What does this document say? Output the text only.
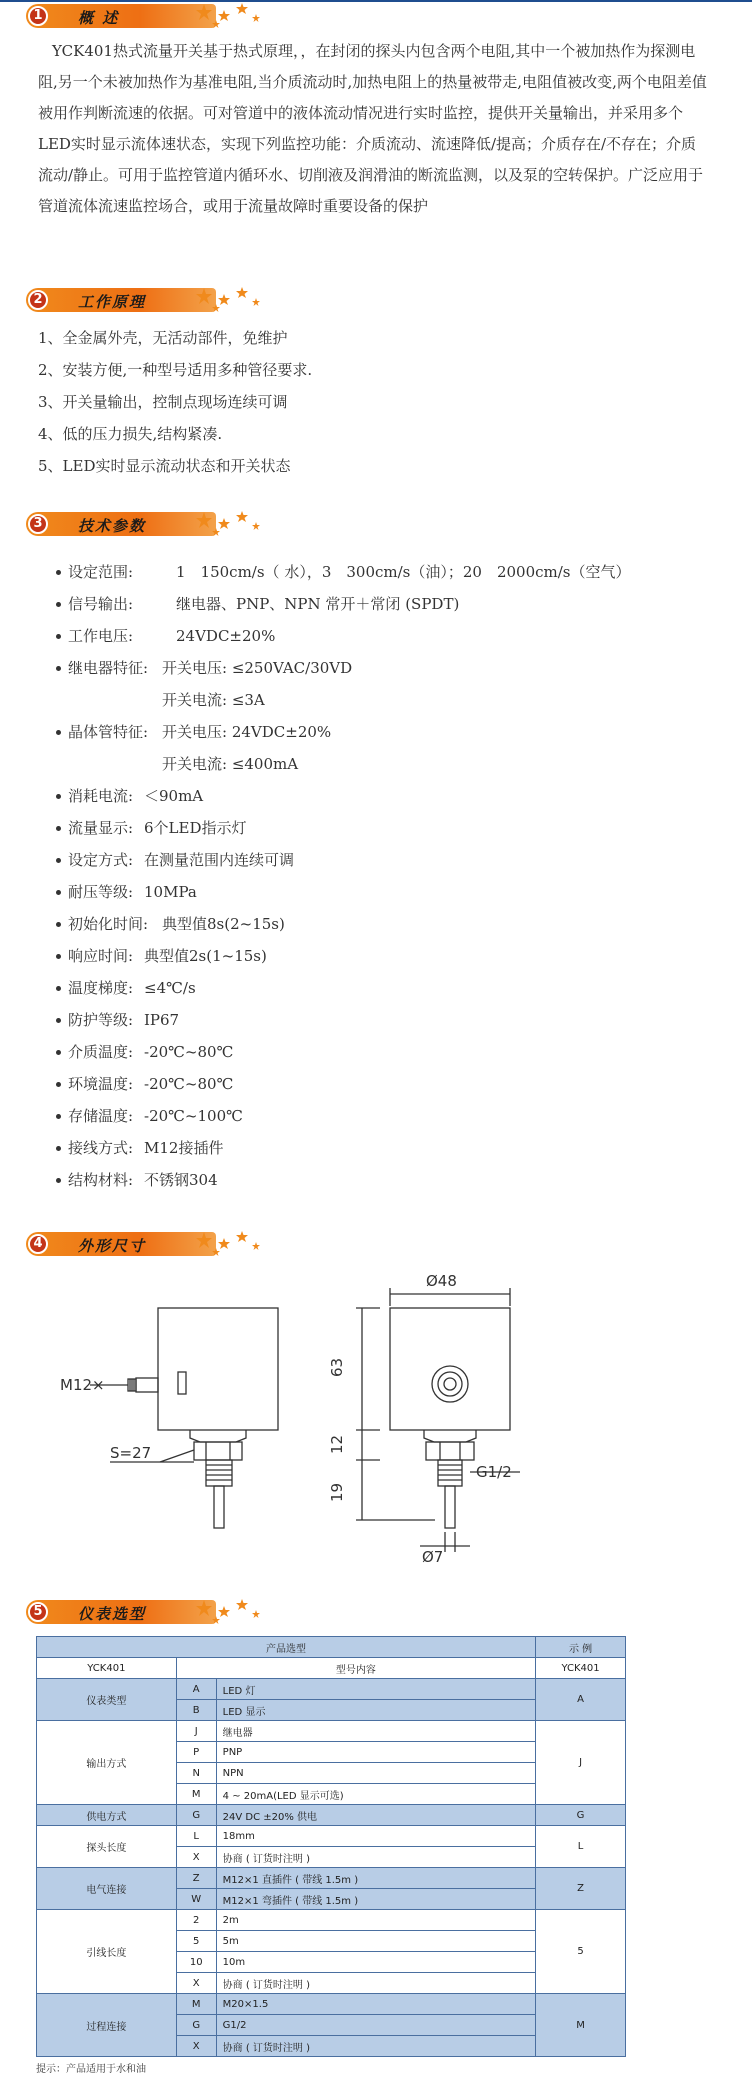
1	概 述
YCK401热式流量开关基于热式原理，，在封闭的探头内包含两个电阻,其中一个被加热作为探测电阻,另一个未被加热作为基准电阻,当介质流动时,加热电阻上的热量被带走,电阻值被改变,两个电阻差值被用作判断流速的依据。可对管道中的液体流动情况进行实时监控，提供开关量输出，并采用多个LED实时显示流体速状态，实现下列监控功能：介质流动、流速降低/提高；介质存在/不存在；介质流动/静止。可用于监控管道内循环水、切削液及润滑油的断流监测，以及泵的空转保护。广泛应用于管道流体流速监控场合，或用于流量故障时重要设备的保护
2	工作原理
1、全金属外壳，无活动部件，免维护
2、安装方便,一种型号适用多种管径要求.
3、开关量输出，控制点现场连续可调
4、低的压力损失,结构紧凑.
5、LED实时显示流动状态和开关状态
3	技术参数
设定范围:	1　150cm/s（ 水），3　300cm/s（油）；20　2000cm/s（空气）
信号输出:	继电器、PNP、NPN 常开＋常闭 (SPDT)
工作电压:	24VDC±20%
继电器特征: 开关电压: ≤250VAC/30VD
开关电流: ≤3A
晶体管特征: 开关电压: 24VDC±20%
开关电流: ≤400mA
消耗电流: ＜90mA
流量显示: 6个LED指示灯
设定方式: 在测量范围内连续可调
耐压等级: 10MPa
初始化时间: 典型值8s(2~15s)
响应时间: 典型值2s(1~15s)
温度梯度: ≤4℃/s
防护等级: IP67
介质温度: -20℃~80℃
环境温度: -20℃~80℃
存储温度: -20℃~100℃
接线方式: M12接插件
结构材料: 不锈钢304
4	外形尺寸
Ø48
63
12
19
G1/2
Ø7
M12×
S=27
5	仪表选型
产品选型			示 例
YCK401	型号内容		YCK401
仪表类型	A	LED 灯	A
	B	LED 显示	
输出方式	J	继电器	J
	P	PNP	
	N	NPN	
	M	4 ~ 20mA(LED 显示可选)	
供电方式	G	24V DC ±20% 供电	G
探头长度	L	18mm	L
	X	协商 ( 订货时注明 )	
电气连接	Z	M12×1 直插件 ( 带线 1.5m )	Z
	W	M12×1 弯插件 ( 带线 1.5m )	
引线长度	2	2m	5
	5	5m	
	10	10m	
	X	协商 ( 订货时注明 )	
过程连接	M	M20×1.5	M
	G	G1/2	
	X	协商 ( 订货时注明 )	
提示：产品适用于水和油
